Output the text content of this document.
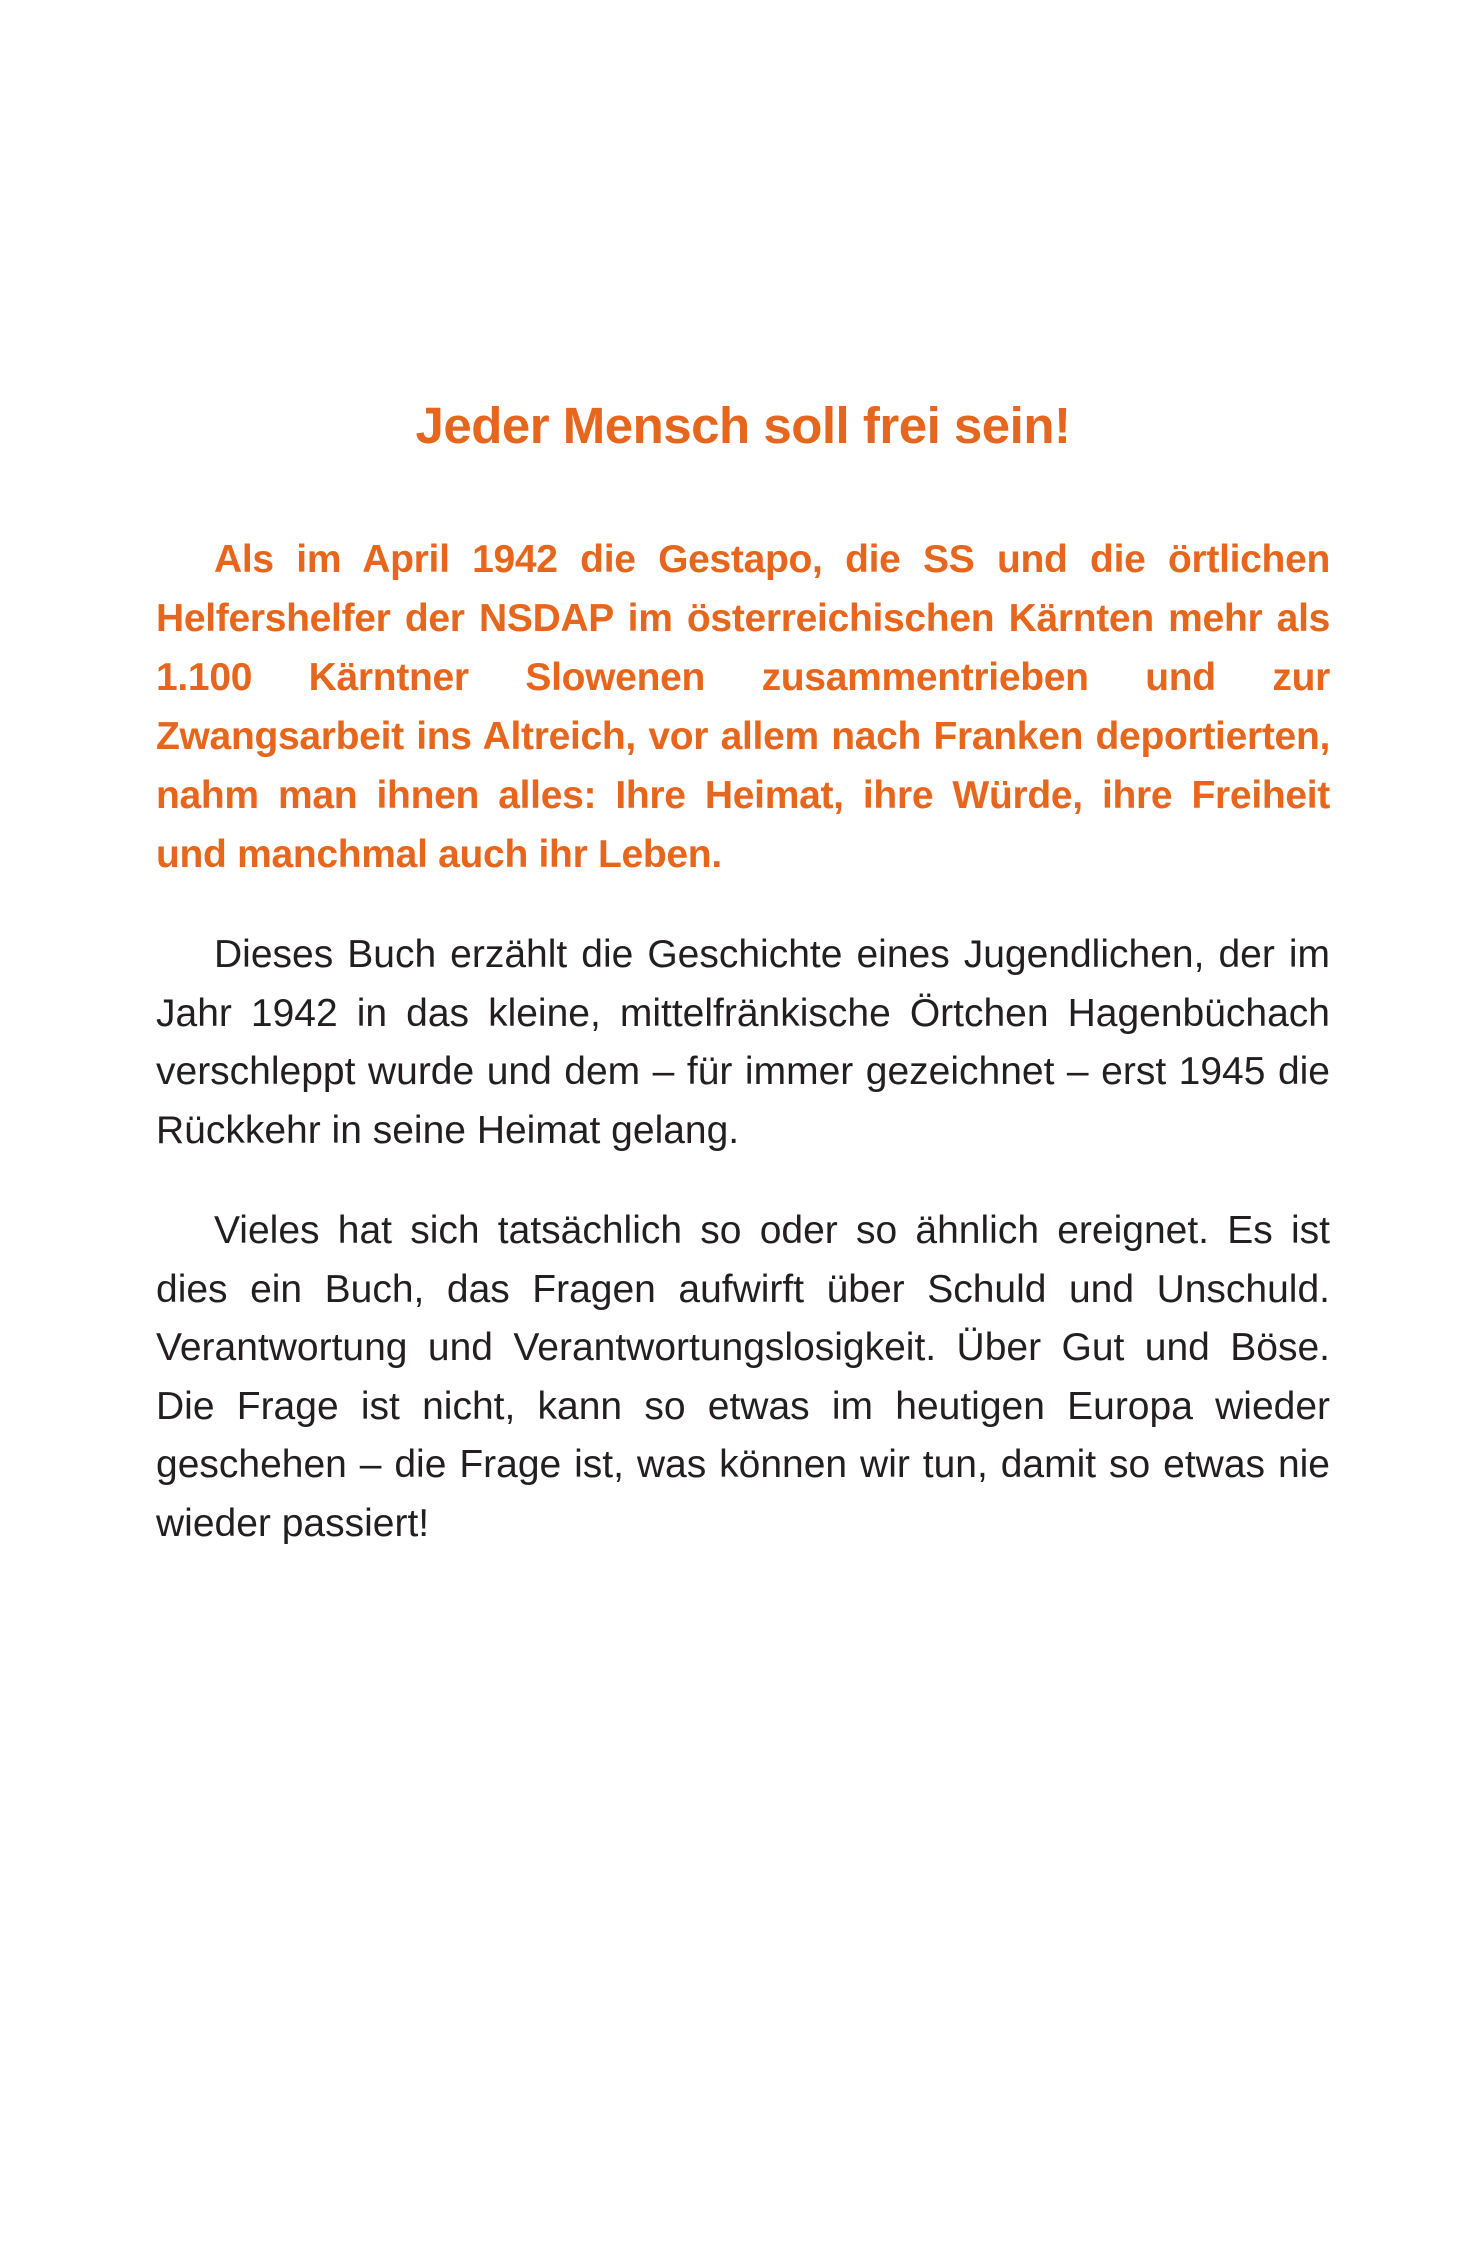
Jeder Mensch soll frei sein!

Als im April 1942 die Gestapo, die SS und die örtlichen Helfershelfer der NSDAP im österreichischen Kärnten mehr als 1.100 Kärntner Slowenen zusammentrieben und zur Zwangsarbeit ins Altreich, vor allem nach Franken deportierten, nahm man ihnen alles: Ihre Heimat, ihre Würde, ihre Freiheit und manchmal auch ihr Leben.

Dieses Buch erzählt die Geschichte eines Jugendlichen, der im Jahr 1942 in das kleine, mittelfränkische Örtchen Hagenbüchach verschleppt wurde und dem – für immer gezeichnet – erst 1945 die Rückkehr in seine Heimat gelang.

Vieles hat sich tatsächlich so oder so ähnlich ereignet. Es ist dies ein Buch, das Fragen aufwirft über Schuld und Unschuld. Verantwortung und Verantwortungslosigkeit. Über Gut und Böse. Die Frage ist nicht, kann so etwas im heutigen Europa wieder geschehen – die Frage ist, was können wir tun, damit so etwas nie wieder passiert!
